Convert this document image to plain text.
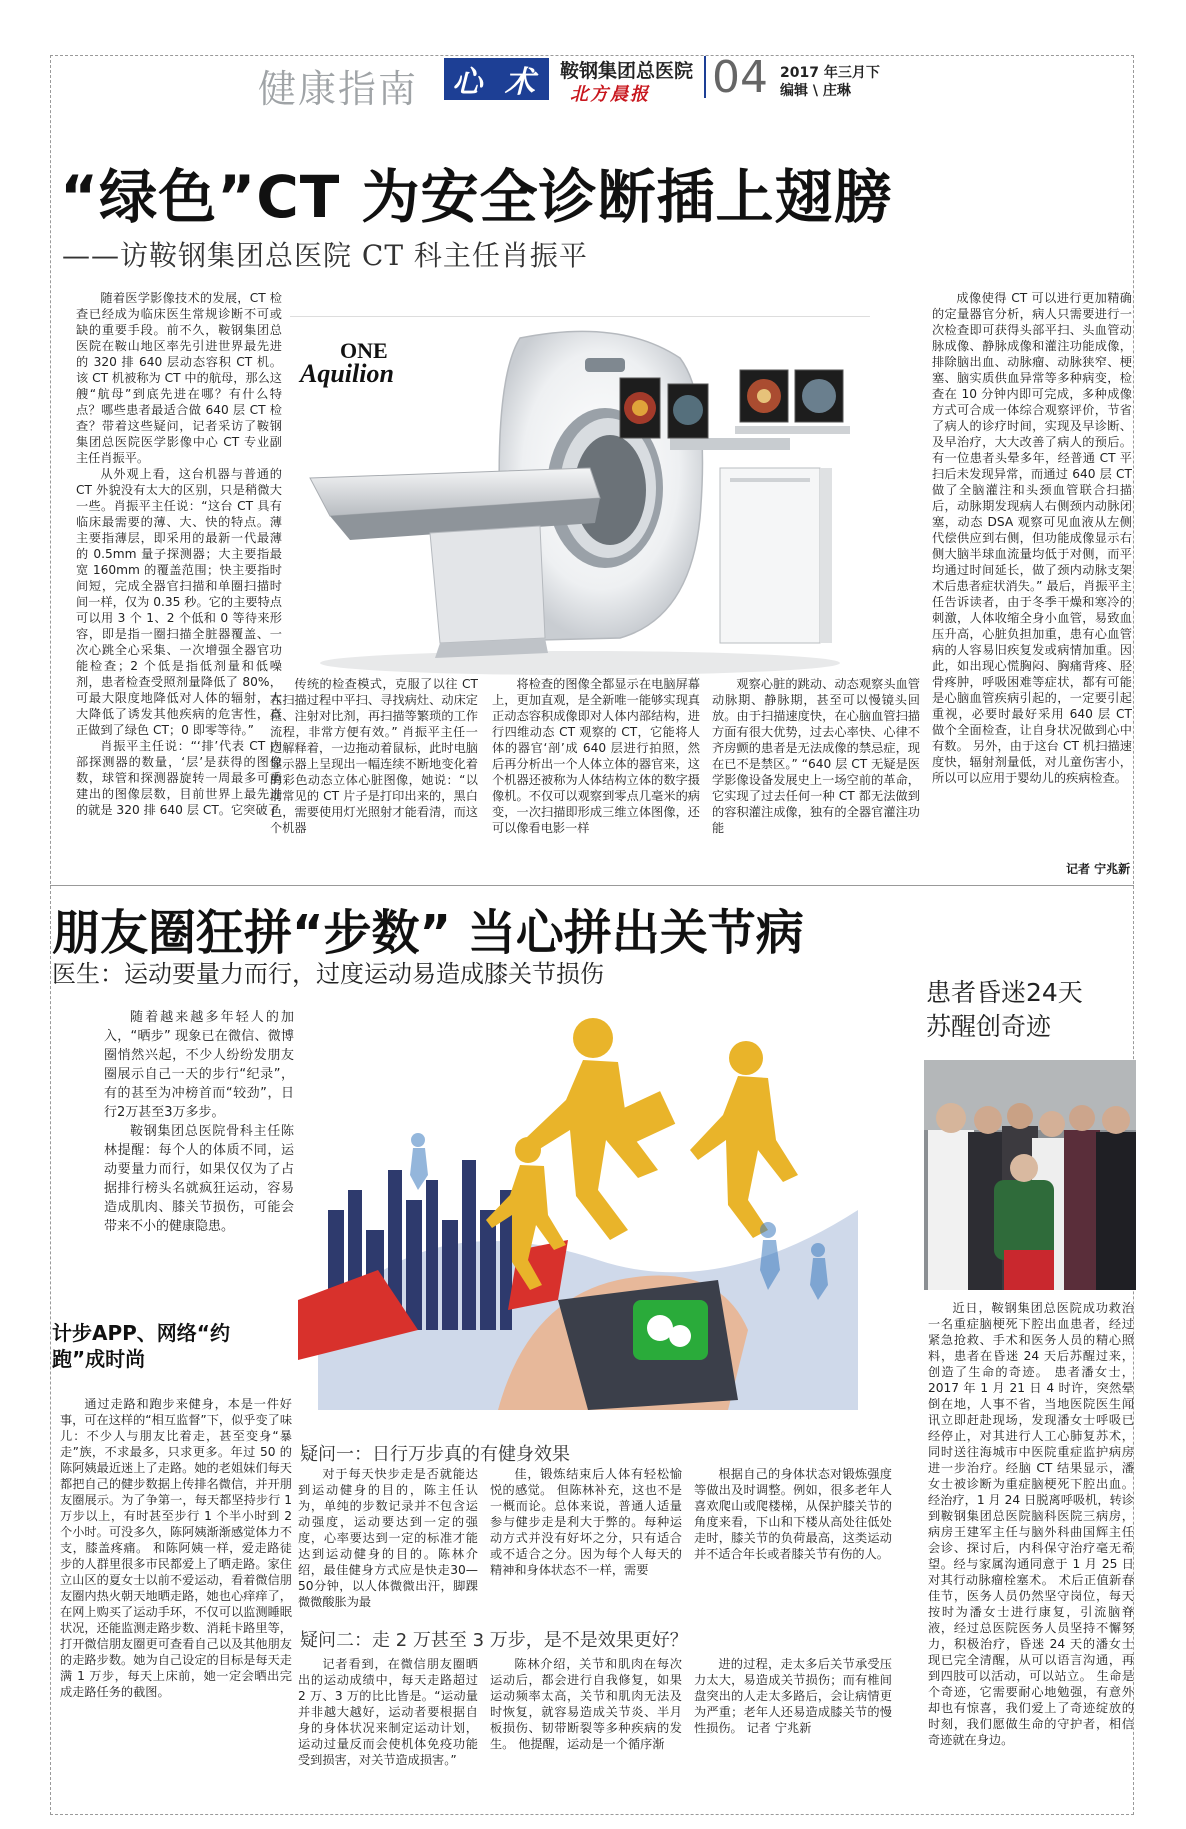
健康指南 心 术	鞍钢集团总医院
北方晨报 04 2017 年三月下
编辑 \ 庄琳
“绿色”CT 为安全诊断插上翅膀
——访鞍钢集团总医院 CT 科主任肖振平

随着医学影像技术的发展，CT 检查已经成为临床医生常规诊断不可或缺的重要手段。前不久，鞍钢集团总医院在鞍山地区率先引进世界最先进的 320 排 640 层动态容积 CT 机。该 CT 机被称为 CT 中的航母，那么这艘“航母”到底先进在哪？有什么特点？哪些患者最适合做 640 层 CT 检查？带着这些疑问，记者采访了鞍钢集团总医院医学影像中心 CT 专业副主任肖振平。

从外观上看，这台机器与普通的 CT 外貌没有太大的区别，只是稍微大一些。肖振平主任说：“这台 CT 具有临床最需要的薄、大、快的特点。薄主要指薄层，即采用的最新一代最薄的 0.5mm 量子探测器；大主要指最宽 160mm 的覆盖范围；快主要指时间短，完成全器官扫描和单圈扫描时间一样，仅为 0.35 秒。它的主要特点可以用 3 个 1、2 个低和 0 等待来形容，即是指一圈扫描全脏器覆盖、一次心跳全心采集、一次增强全器官功能检查；2 个低是指低剂量和低噪剂，患者检查受照剂量降低了 80%，可最大限度地降低对人体的辐射，大大降低了诱发其他疾病的危害性，真正做到了绿色 CT；0 即零等待。”

肖振平主任说：“‘排’代表 CT 内部探测器的数量，‘层’是获得的图像数，球管和探测器旋转一周最多可重建出的图像层数，目前世界上最先进的就是 320 排 640 层 CT。它突破了

ONE
Aquilion

传统的检查模式，克服了以往 CT 在扫描过程中平扫、寻找病灶、动床定位、注射对比剂，再扫描等繁琐的工作流程，非常方便有效。” 肖振平主任一边解释着，一边拖动着鼠标，此时电脑显示器上呈现出一幅连续不断地变化着的彩色动态立体心脏图像，她说：“以前常见的 CT 片子是打印出来的，黑白色，需要使用灯光照射才能看清，而这个机器

将检查的图像全都显示在电脑屏幕上，更加直观，是全新唯一能够实现真正动态容积成像即对人体内部结构，进行四维动态 CT 观察的 CT，它能将人体的器官‘剖’成 640 层进行拍照，然后再分析出一个人体立体的器官来，这个机器还被称为人体结构立体的数字摄像机。不仅可以观察到零点几毫米的病变，一次扫描即形成三维立体图像，还可以像看电影一样

观察心脏的跳动、动态观察头血管动脉期、静脉期，甚至可以慢镜头回放。由于扫描速度快，在心脑血管扫描方面有很大优势，过去心率快、心律不齐房颤的患者是无法成像的禁忌症，现在已不是禁区。” “640 层 CT 无疑是医学影像设备发展史上一场空前的革命，它实现了过去任何一种 CT 都无法做到的容积灌注成像，独有的全器官灌注功能

成像使得 CT 可以进行更加精确的定量器官分析，病人只需要进行一次检查即可获得头部平扫、头血管动脉成像、静脉成像和灌注功能成像，排除脑出血、动脉瘤、动脉狭窄、梗塞、脑实质供血异常等多种病变，检查在 10 分钟内即可完成，多种成像方式可合成一体综合观察评价，节省了病人的诊疗时间，实现及早诊断、及早治疗，大大改善了病人的预后。有一位患者头晕多年，经普通 CT 平扫后未发现异常，而通过 640 层 CT 做了全脑灌注和头颈血管联合扫描后，动脉期发现病人右侧颈内动脉闭塞，动态 DSA 观察可见血液从左侧代偿供应到右侧，但功能成像显示右侧大脑半球血流量均低于对侧，而平均通过时间延长，做了颈内动脉支架术后患者症状消失。” 最后，肖振平主任告诉读者，由于冬季干燥和寒冷的刺激，人体收缩全身小血管，易致血压升高，心脏负担加重，患有心血管病的人容易旧疾复发或病情加重。因此，如出现心慌胸闷、胸痛背疼、胫骨疼肿，呼吸困难等症状，都有可能是心脑血管疾病引起的，一定要引起重视，必要时最好采用 640 层 CT 做个全面检查，让自身状况做到心中有数。 另外，由于这台 CT 机扫描速度快，辐射剂量低，对儿童伤害小，所以可以应用于婴幼儿的疾病检查。

记者 宁兆新
朋友圈狂拼“步数” 当心拼出关节病
医生：运动要量力而行，过度运动易造成膝关节损伤

随着越来越多年轻人的加入，“晒步” 现象已在微信、微博圈悄然兴起，不少人纷纷发朋友圈展示自己一天的步行“纪录”，有的甚至为冲榜首而“较劲”，日行2万甚至3万多步。

鞍钢集团总医院骨科主任陈林提醒：每个人的体质不同，运动要量力而行，如果仅仅为了占据排行榜头名就疯狂运动，容易造成肌肉、膝关节损伤，可能会带来不小的健康隐患。

计步APP、网络“约跑”成时尚

通过走路和跑步来健身，本是一件好事，可在这样的“相互监督”下，似乎变了味儿：不少人与朋友比着走，甚至变身“暴走”族，不求最多，只求更多。年过 50 的陈阿姨最近迷上了走路。她的老姐妹们每天都把自己的健步数据上传排名微信，并开朋友圈展示。为了争第一，每天都坚持步行 1 万步以上，有时甚至步行 1 个半小时到 2 个小时。可没多久，陈阿姨渐渐感觉体力不支，膝盖疼痛。 和陈阿姨一样，爱走路徒步的人群里很多市民都爱上了晒走路。家住立山区的夏女士以前不爱运动，看着微信朋友圈内热火朝天地晒走路，她也心痒痒了，在网上购买了运动手环，不仅可以监测睡眠状况，还能监测走路步数、消耗卡路里等，打开微信朋友圈更可查看自己以及其他朋友的走路步数。她为自己设定的目标是每天走满 1 万步，每天上床前，她一定会晒出完成走路任务的截图。

疑问一：日行万步真的有健身效果

对于每天快步走是否就能达到运动健身的目的，陈主任认为，单纯的步数记录并不包含运动强度，运动要达到一定的强度，心率要达到一定的标准才能达到运动健身的目的。陈林介绍，最佳健身方式应是快走30—50分钟，以人体微微出汗，脚踝微微酸胀为最

佳，锻炼结束后人体有轻松愉悦的感觉。 但陈林补充，这也不是一概而论。总体来说，普通人适量参与健步走是利大于弊的。每种运动方式并没有好坏之分，只有适合或不适合之分。因为每个人每天的精神和身体状态不一样，需要

根据自己的身体状态对锻炼强度等做出及时调整。例如，很多老年人喜欢爬山或爬楼梯，从保护膝关节的角度来看，下山和下楼从高处往低处走时，膝关节的负荷最高，这类运动并不适合年长或者膝关节有伤的人。

疑问二：走 2 万甚至 3 万步，是不是效果更好？

记者看到，在微信朋友圈晒出的运动成绩中，每天走路超过 2 万、3 万的比比皆是。“运动量并非越大越好，运动者要根据自身的身体状况来制定运动计划，运动过量反而会使机体免疫功能受到损害，对关节造成损害。”

陈林介绍，关节和肌肉在每次运动后，都会进行自我修复，如果运动频率太高，关节和肌肉无法及时恢复，就容易造成关节炎、半月板损伤、韧带断裂等多种疾病的发生。 他提醒，运动是一个循序渐

进的过程，走太多后关节承受压力太大，易造成关节损伤；而有椎间盘突出的人走太多路后，会让病情更为严重；老年人还易造成膝关节的慢性损伤。 记者 宁兆新

患者昏迷24天
苏醒创奇迹

近日，鞍钢集团总医院成功救治一名重症脑梗死下腔出血患者，经过紧急抢救、手术和医务人员的精心照料，患者在昏迷 24 天后苏醒过来，创造了生命的奇迹。 患者潘女士，2017 年 1 月 21 日 4 时许，突然晕倒在地，人事不省，当地医院医生闻讯立即赶赴现场，发现潘女士呼吸已经停止，对其进行人工心肺复苏术，同时送往海城市中医院重症监护病房进一步治疗。经脑 CT 结果显示，潘女士被诊断为重症脑梗死下腔出血。经治疗，1 月 24 日脱离呼吸机，转诊到鞍钢集团总医院脑科医院三病房，病房王建军主任与脑外科曲国辉主任会诊、探讨后，内科保守治疗毫无希望。经与家属沟通同意于 1 月 25 日对其行动脉瘤栓塞术。 术后正值新春佳节，医务人员仍然坚守岗位，每天按时为潘女士进行康复，引流脑脊液，经过总医院医务人员坚持不懈努力，积极治疗，昏迷 24 天的潘女士现已完全清醒，从可以语言沟通，再到四肢可以活动，可以站立。 生命是个奇迹，它需要耐心地勉强，有意外却也有惊喜，我们爱上了奇迹绽放的时刻，我们愿做生命的守护者，相信奇迹就在身边。
